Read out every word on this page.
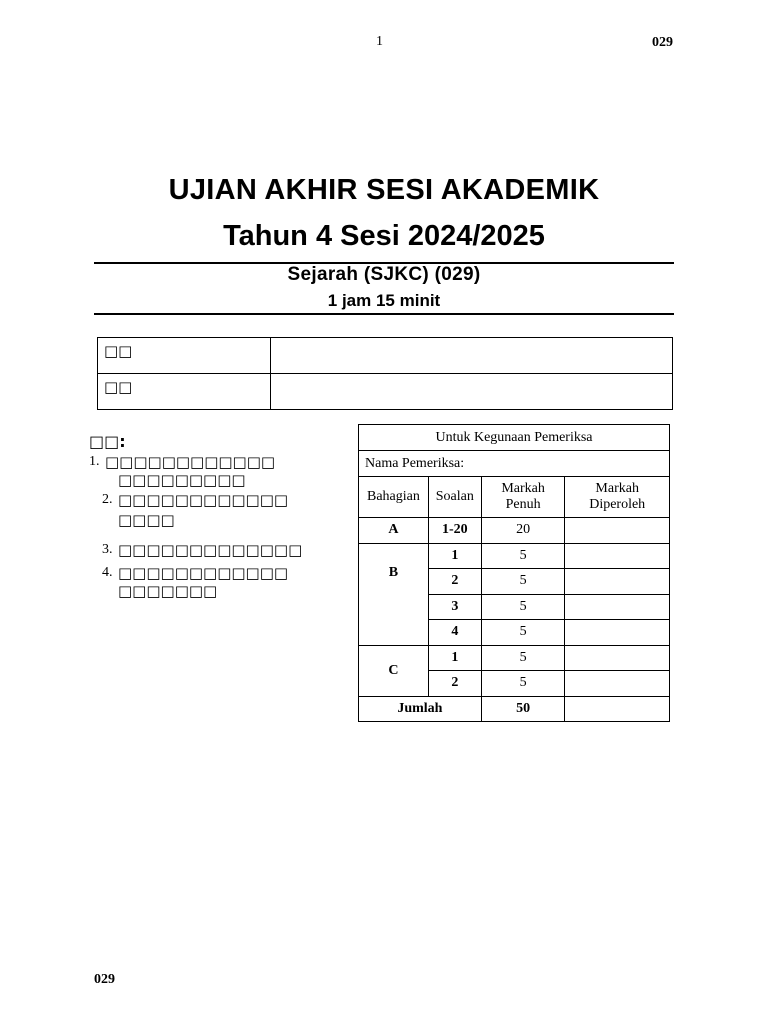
1	029
UJIAN AKHIR SESI AKADEMIK
Tahun 4 Sesi 2024/2025
Sejarah (SJKC) (029)
1 jam 15 minit
□□	
□□	
□□:
1. □□□□□□□□□□□□
□□□□□□□□□
2. □□□□□□□□□□□□
□□□□
3. □□□□□□□□□□□□□
4. □□□□□□□□□□□□
□□□□□□□
Untuk Kegunaan Pemeriksa			
Nama Pemeriksa:			
Bahagian	Soalan	Markah Penuh	Markah Diperoleh
A	1-20	20	
B	1	5	
	2	5	
	3	5	
	4	5	
C	1	5	
	2	5	
Jumlah		50	
029
